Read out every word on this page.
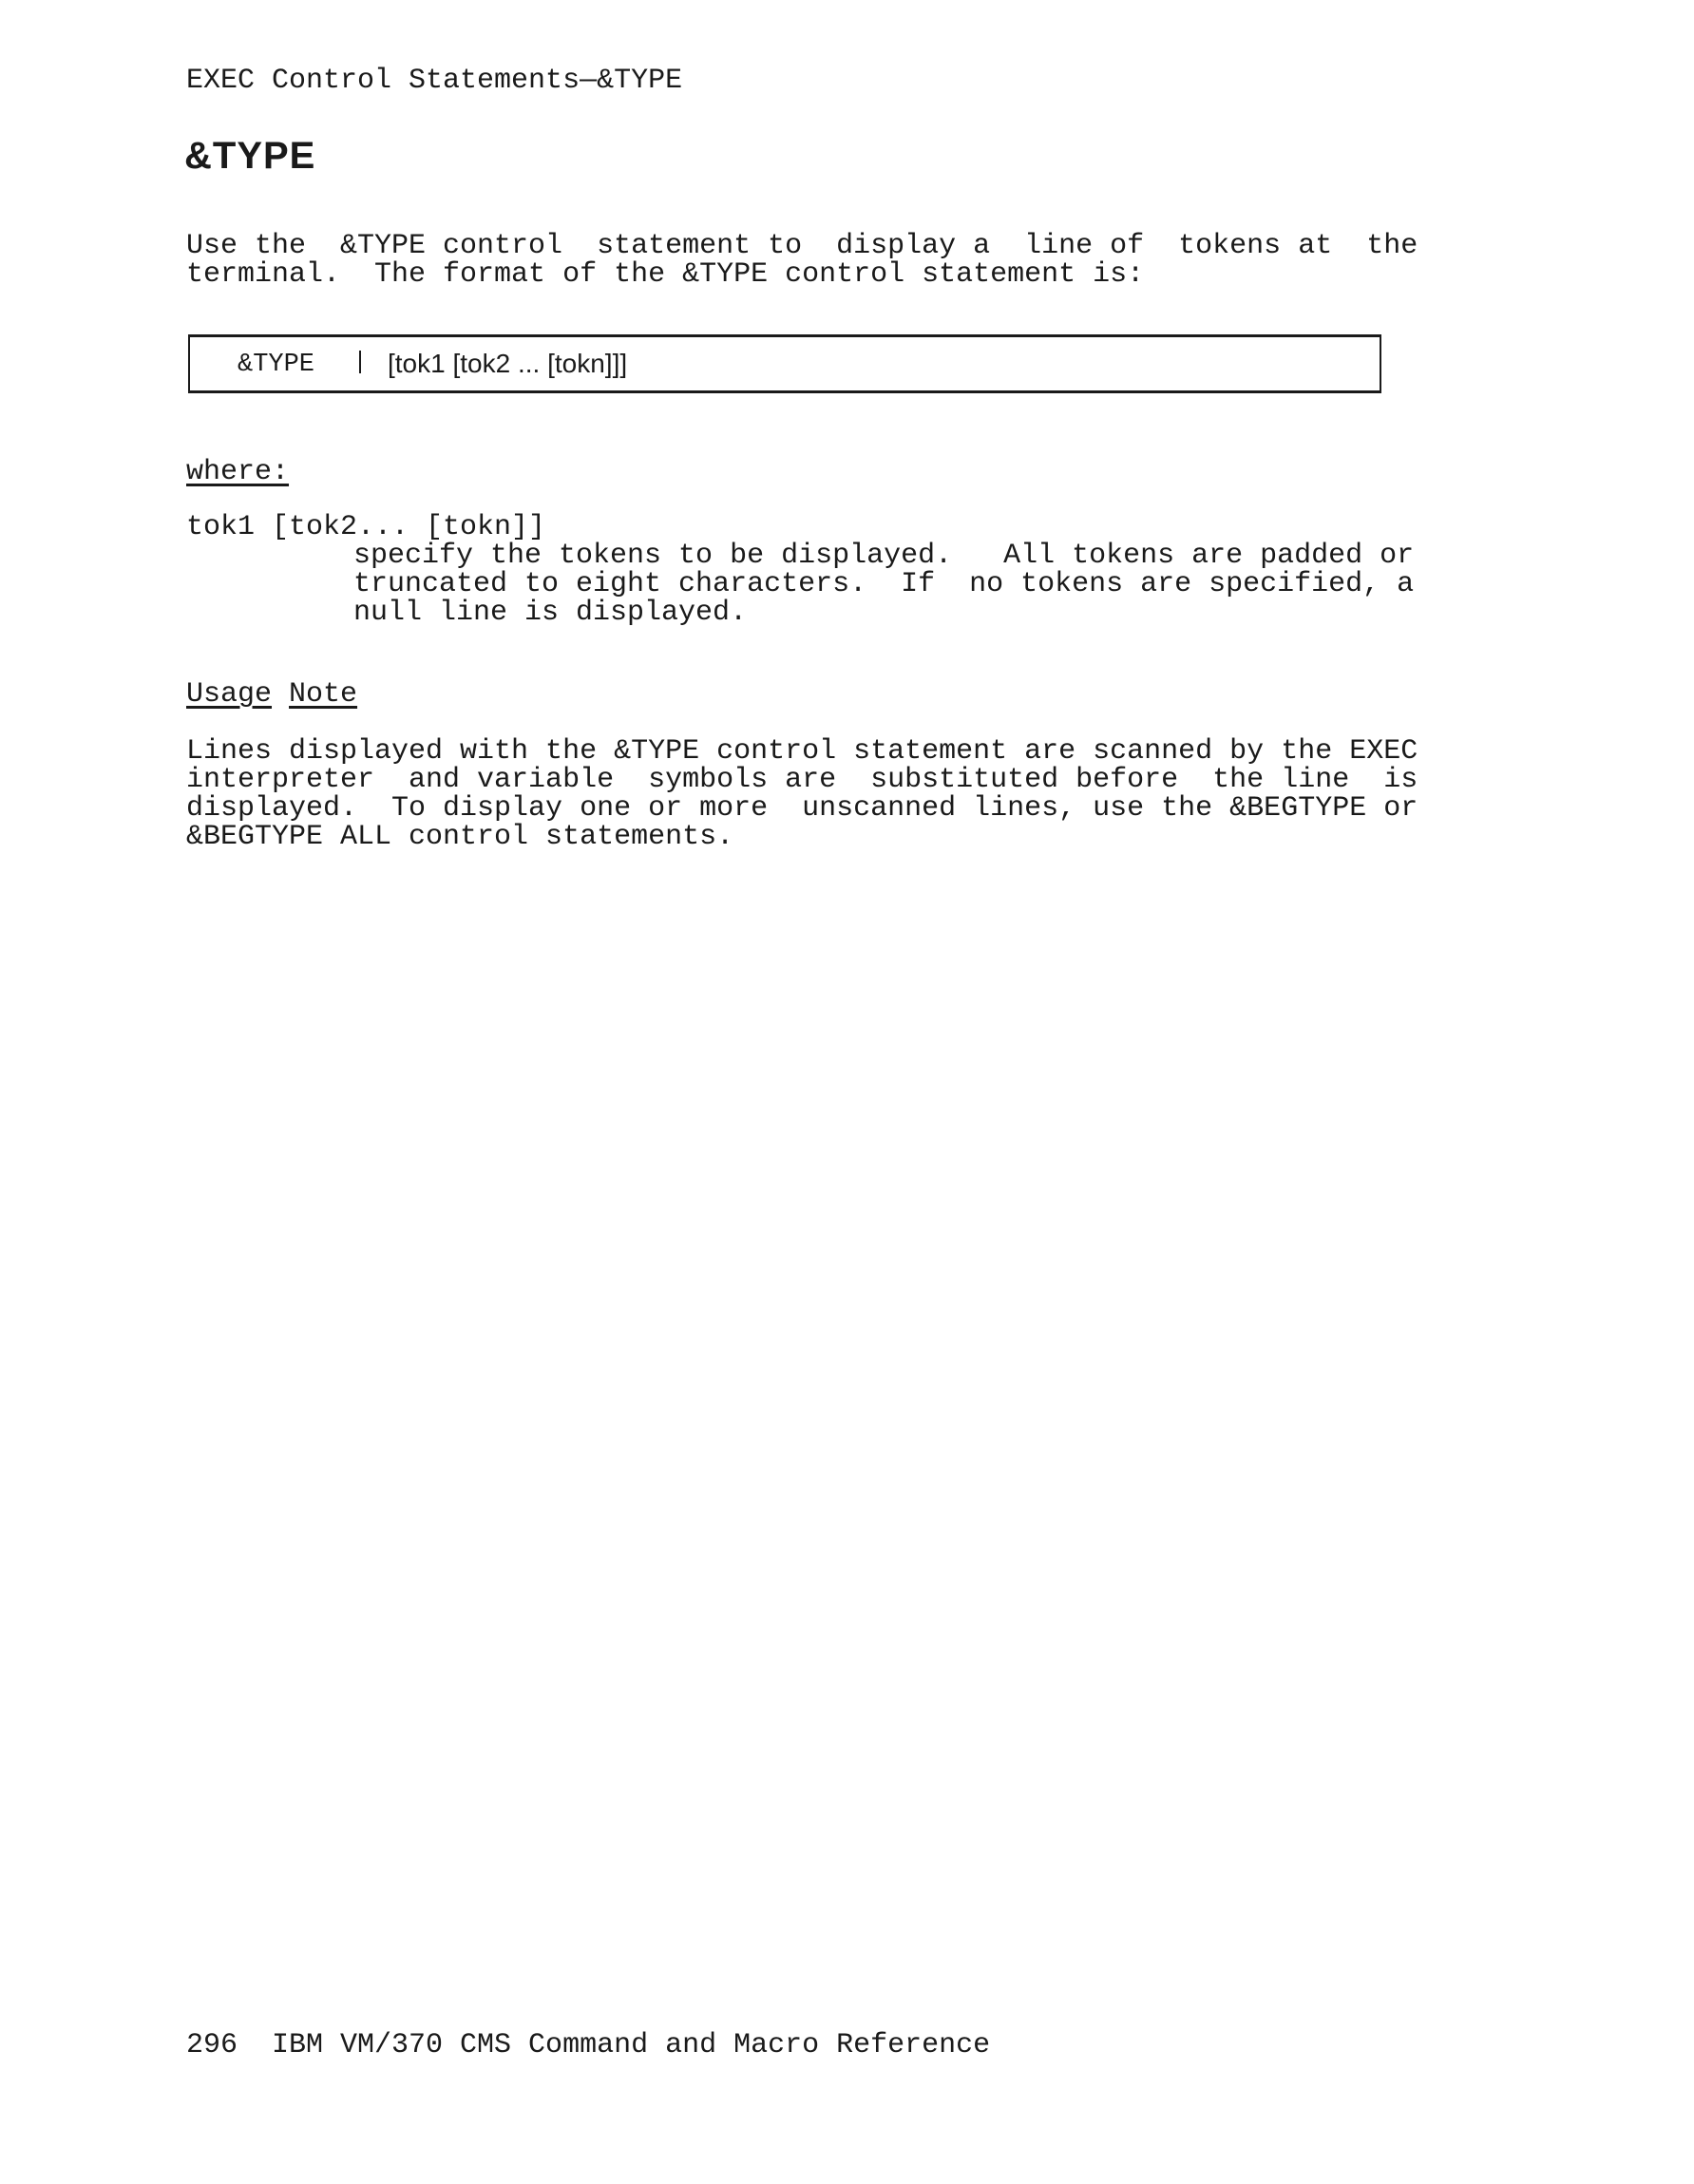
EXEC Control Statements—&TYPE
&TYPE
Use the  &TYPE control  statement to  display a  line of  tokens at  the
terminal.  The format of the &TYPE control statement is:
&TYPE	[tok1 [tok2 ... [tokn]]]
where:
tok1 [tok2... [tokn]]
specify the tokens to be displayed.   All tokens are padded or
truncated to eight characters.  If  no tokens are specified, a
null line is displayed.
Usage Note
Lines displayed with the &TYPE control statement are scanned by the EXEC
interpreter  and variable  symbols are  substituted before  the line  is
displayed.  To display one or more  unscanned lines, use the &BEGTYPE or
&BEGTYPE ALL control statements.
296  IBM VM/370 CMS Command and Macro Reference
